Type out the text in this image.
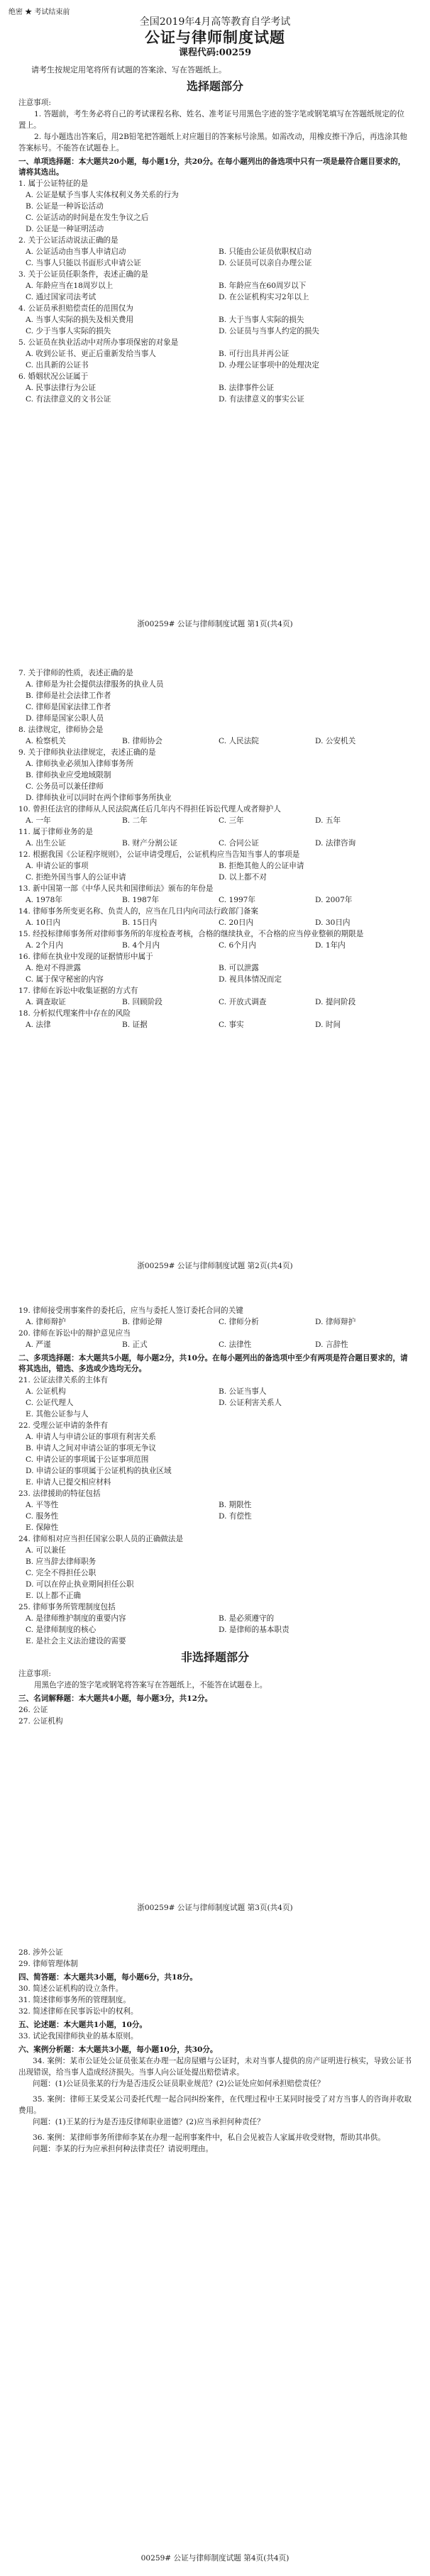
绝密 ★ 考试结束前
全国2019年4月高等教育自学考试
公证与律师制度试题
课程代码:00259
请考生按规定用笔将所有试题的答案涂、写在答题纸上。
选择题部分

注意事项:

1. 答题前，考生务必将自己的考试课程名称、姓名、准考证号用黑色字迹的签字笔或钢笔填写在答题纸规定的位置上。

2. 每小题选出答案后，用2B铅笔把答题纸上对应题目的答案标号涂黑。如需改动，用橡皮擦干净后，再选涂其他答案标号。不能答在试题卷上。

一、单项选择题：本大题共20小题，每小题1分，共20分。在每小题列出的备选项中只有一项是最符合题目要求的，请将其选出。
1. 属于公证特征的是
A. 公证是赋予当事人实体权利义务关系的行为
B. 公证是一种诉讼活动
C. 公证活动的时间是在发生争议之后
D. 公证是一种证明活动
2. 关于公证活动说法正确的是
A. 公证活动由当事人申请启动	B. 只能由公证员依职权启动
C. 当事人只能以书面形式申请公证	D. 公证员可以亲自办理公证
3. 关于公证员任职条件，表述正确的是
A. 年龄应当在18周岁以上	B. 年龄应当在60周岁以下
C. 通过国家司法考试	D. 在公证机构实习2年以上
4. 公证员承担赔偿责任的范围仅为
A. 当事人实际的损失及相关费用	B. 大于当事人实际的损失
C. 少于当事人实际的损失	D. 公证员与当事人约定的损失
5. 公证员在执业活动中对所办事项保密的对象是
A. 收到公证书、更正后重新发给当事人	B. 可行出具并再公证
C. 出具新的公证书	D. 办理公证事项中的处理决定
6. 婚姻状况公证属于
A. 民事法律行为公证	B. 法律事件公证
C. 有法律意义的文书公证	D. 有法律意义的事实公证
浙00259# 公证与律师制度试题 第1页(共4页)
7. 关于律师的性质，表述正确的是
A. 律师是为社会提供法律服务的执业人员
B. 律师是社会法律工作者
C. 律师是国家法律工作者
D. 律师是国家公职人员
8. 法律规定，律师协会是
A. 检察机关	B. 律师协会	C. 人民法院	D. 公安机关
9. 关于律师执业法律规定，表述正确的是
A. 律师执业必须加入律师事务所
B. 律师执业应受地域限制
C. 公务员可以兼任律师
D. 律师执业可以同时在两个律师事务所执业
10. 曾担任法官的律师从人民法院离任后几年内不得担任诉讼代理人或者辩护人
A. 一年	B. 二年	C. 三年	D. 五年
11. 属于律师业务的是
A. 出生公证	B. 财产分割公证	C. 合同公证	D. 法律咨询
12. 根据我国《公证程序规则》，公证申请受理后，公证机构应当告知当事人的事项是
A. 申请公证的事项	B. 拒绝其他人的公证申请
C. 拒绝外国当事人的公证申请	D. 以上都不对
13. 新中国第一部《中华人民共和国律师法》颁布的年份是
A. 1978年	B. 1987年	C. 1997年	D. 2007年
14. 律师事务所变更名称、负责人的，应当在几日内向司法行政部门备案
A. 10日内	B. 15日内	C. 20日内	D. 30日内
15. 经投标律师事务所对律师事务所的年度检查考核，合格的继续执业，不合格的应当停业整顿的期限是
A. 2个月内	B. 4个月内	C. 6个月内	D. 1年内
16. 律师在执业中发现的证据情形中属于
A. 绝对不得泄露	B. 可以泄露
C. 属于保守秘密的内容	D. 视具体情况而定
17. 律师在诉讼中收集证据的方式有
A. 调查取证	B. 回顾阶段	C. 开放式调查	D. 提问阶段
18. 分析拟代理案件中存在的风险
A. 法律	B. 证据	C. 事实	D. 时间
浙00259# 公证与律师制度试题 第2页(共4页)
19. 律师接受刑事案件的委托后，应当与委托人签订委托合同的关键
A. 律师辩护	B. 律师论辩	C. 律师分析	D. 律师辩护
20. 律师在诉讼中的辩护意见应当
A. 严谨	B. 正式	C. 法律性	D. 言辞性
二、多项选择题：本大题共5小题，每小题2分，共10分。在每小题列出的备选项中至少有两项是符合题目要求的，请将其选出，错选、多选或少选均无分。
21. 公证法律关系的主体有
A. 公证机构	B. 公证当事人
C. 公证代理人	D. 公证利害关系人
E. 其他公证参与人
22. 受理公证申请的条件有
A. 申请人与申请公证的事项有利害关系
B. 申请人之间对申请公证的事项无争议
C. 申请公证的事项属于公证事项范围
D. 申请公证的事项属于公证机构的执业区域
E. 申请人已提交相应材料
23. 法律援助的特征包括
A. 平等性	B. 期限性
C. 服务性	D. 有偿性
E. 保障性
24. 律师相对应当担任国家公职人员的正确做法是
A. 可以兼任
B. 应当辞去律师职务
C. 完全不得担任公职
D. 可以在停止执业期间担任公职
E. 以上都不正确
25. 律师事务所管理制度包括
A. 是律师维护制度的重要内容	B. 是必须遵守的
C. 是律师制度的核心	D. 是律师的基本职责
E. 是社会主义法治建设的需要
非选择题部分

注意事项:

用黑色字迹的签字笔或钢笔将答案写在答题纸上，不能答在试题卷上。

三、名词解释题：本大题共4小题，每小题3分，共12分。
26. 公证
27. 公证机构
浙00259# 公证与律师制度试题 第3页(共4页)
28. 涉外公证
29. 律师管理体制
四、简答题：本大题共3小题，每小题6分，共18分。
30. 简述公证机构的设立条件。
31. 简述律师事务所的管理制度。
32. 简述律师在民事诉讼中的权利。
五、论述题：本大题共1小题，10分。
33. 试论我国律师执业的基本原则。
六、案例分析题：本大题共3小题，每小题10分，共30分。
34. 案例：某市公证处公证员张某在办理一起房屋赠与公证时，未对当事人提供的房产证明进行核实，导致公证书出现错误，给当事人造成经济损失。当事人向公证处提出赔偿请求。
问题：(1)公证员张某的行为是否违反公证员职业规范？(2)公证处应如何承担赔偿责任？
35. 案例：律师王某受某公司委托代理一起合同纠纷案件，在代理过程中王某同时接受了对方当事人的咨询并收取费用。
问题：(1)王某的行为是否违反律师职业道德？(2)应当承担何种责任？
36. 案例：某律师事务所律师李某在办理一起刑事案件中，私自会见被告人家属并收受财物，帮助其串供。
问题：李某的行为应承担何种法律责任？请说明理由。
00259# 公证与律师制度试题 第4页(共4页)
